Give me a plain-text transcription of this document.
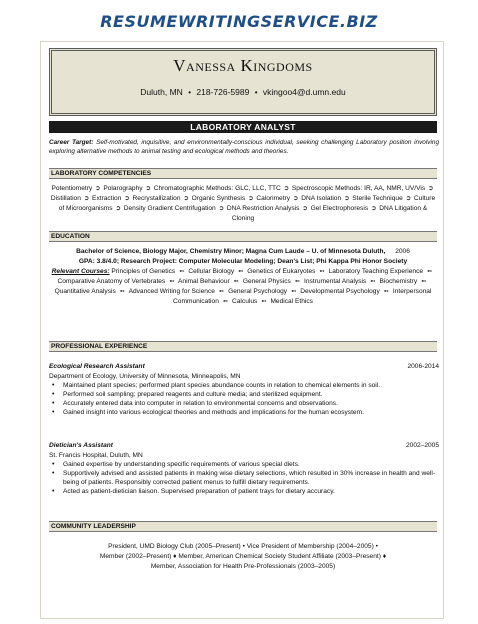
RESUMEWRITINGSERVICE.BIZ
Vanessa Kingdoms
Duluth, MN • 218-726-5989 • vkingoo4@d.umn.edu
LABORATORY ANALYST
Career Target: Self-motivated, inquisitive, and environmentally-conscious individual, seeking challenging Laboratory position involving exploring alternative methods to animal testing and ecological methods and theories.
LABORATORY COMPETENCIES
Potentiometry ➲ Polarography ➲ Chromatographic Methods: GLC, LLC, TTC ➲ Spectroscopic Methods: IR, AA, NMR, UV/Vis ➲ Distillation ➲ Extraction ➲ Recrystallization ➲ Organic Synthesis ➲ Calorimetry ➲ DNA Isolation ➲ Sterile Technique ➲ Culture of Microorganisms ➲ Density Gradient Centrifugation ➲ DNA Restriction Analysis ➲ Gel Electrophoresis ➲ DNA Litigation & Cloning
EDUCATION
Bachelor of Science, Biology Major, Chemistry Minor; Magna Cum Laude – U. of Minnesota Duluth, 2006
GPA: 3.8/4.0; Research Project: Computer Molecular Modeling; Dean's List; Phi Kappa Phi Honor Society
Relevant Courses: Principles of Genetics ➻ Cellular Biology ➻ Genetics of Eukaryotes ➻ Laboratory Teaching Experience ➻ Comparative Anatomy of Vertebrates ➻ Animal Behaviour ➻ General Physics ➻ Instrumental Analysis ➻ Biochemistry ➻ Quantitative Analysis ➻ Advanced Writing for Science ➻ General Psychology ➻ Developmental Psychology ➻ Interpersonal Communication ➻ Calculus ➻ Medical Ethics
PROFESSIONAL EXPERIENCE
Ecological Research Assistant	2006-2014
Department of Ecology, University of Minnesota, Minneapolis, MN
• Maintained plant species; performed plant species abundance counts in relation to chemical elements in soil.
• Performed soil sampling; prepared reagents and culture media; and sterilized equipment.
• Accurately entered data into computer in relation to environmental concerns and observations.
• Gained insight into various ecological theories and methods and implications for the human ecosystem.
Dietician's Assistant	2002–2005
St. Francis Hospital, Duluth, MN
• Gained expertise by understanding specific requirements of various special diets.
• Supportively advised and assisted patients in making wise dietary selections, which resulted in 30% increase in health and well-being of patients. Responsibly corrected patient menus to fulfill dietary requirements.
• Acted as patient-dietician liaison. Supervised preparation of patient trays for dietary accuracy.
COMMUNITY LEADERSHIP
President, UMD Biology Club (2005–Present) • Vice President of Membership (2004–2005) •
Member (2002–Present) ♦ Member, American Chemical Society Student Affiliate (2003–Present) ♦
Member, Association for Health Pre-Professionals (2003–2005)
